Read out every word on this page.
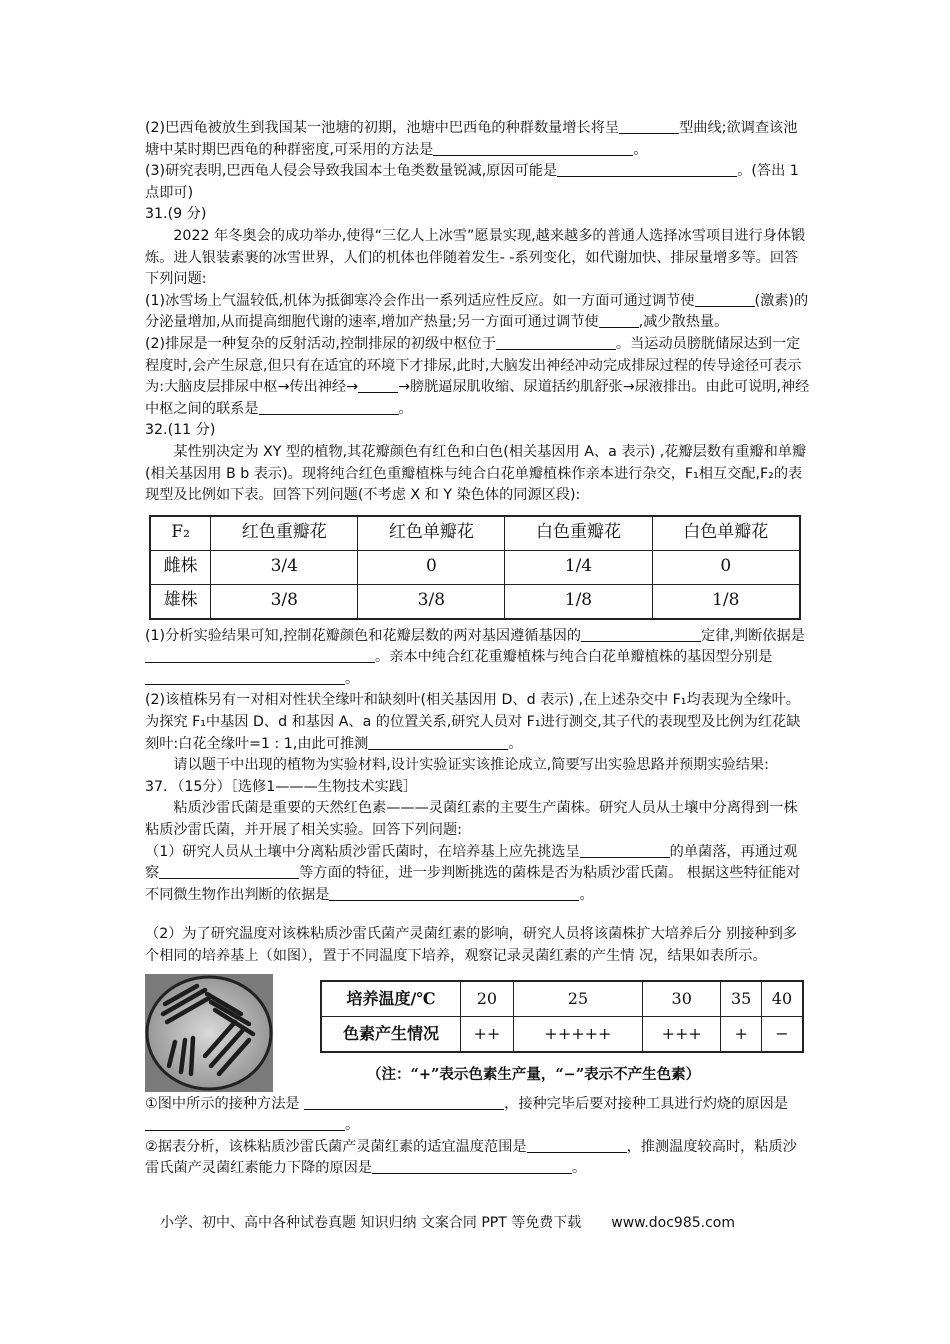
(2)巴西龟被放生到我国某一池塘的初期，池塘中巴西龟的种群数量增长将呈	型曲线;欲调查该池塘中某时期巴西龟的种群密度,可采用的方法是	。

(3)研究表明,巴西龟人侵会导致我国本土龟类数量锐减,原因可能是	。(答出 1 点即可)

31.(9 分)

2022 年冬奥会的成功举办,使得“三亿人上冰雪”愿景实现,越来越多的普通人选择冰雪项目进行身体锻炼。进人银装素裹的冰雪世界，人们的机体也伴随着发生- -系列变化，如代谢加快、排尿量增多等。回答下列问题:

(1)冰雪场上气温较低,机体为抵御寒冷会作出一系列适应性反应。如一方面可通过调节使	(激素)的分泌量增加,从而提高细胞代谢的速率,增加产热量;另一方面可通过调节使	,减少散热量。

(2)排尿是一种复杂的反射活动,控制排尿的初级中枢位于	。当运动员膀胱储尿达到一定程度时,会产生尿意,但只有在适宜的环境下才排尿,此时,大脑发出神经冲动完成排尿过程的传导途径可表示为:大脑皮层排尿中枢→传出神经→	→膀胱逼尿肌收缩、尿道括约肌舒张→尿液排出。由此可说明,神经中枢之间的联系是	。

32.(11 分)

某性别决定为 XY 型的植物,其花瓣颜色有红色和白色(相关基因用 A、a 表示) ,花瓣层数有重瓣和单瓣(相关基因用 B b 表示)。现将纯合红色重瓣植株与纯合白花单瓣植株作亲本进行杂交，F₁相互交配,F₂的表现型及比例如下表。回答下列问题(不考虑 X 和 Y 染色体的同源区段):

F₂	红色重瓣花	红色单瓣花	白色重瓣花	白色单瓣花
雌株	3/4	0	1/4	0
雄株	3/8	3/8	1/8	1/8

(1)分析实验结果可知,控制花瓣颜色和花瓣层数的两对基因遵循基因的	定律,判断依据是。亲本中纯合红花重瓣植株与纯合白花单瓣植株的基因型分别是。

(2)该植株另有一对相对性状全缘叶和缺刻叶(相关基因用 D、d 表示) ,在上述杂交中 F₁均表现为全缘叶。为探究 F₁中基因 D、d 和基因 A、a 的位置关系,研究人员对 F₁进行测交,其子代的表现型及比例为红花缺刻叶:白花全缘叶=1 : 1,由此可推测	。

请以题干中出现的植物为实验材料,设计实验证实该推论成立,简要写出实验思路并预期实验结果:

37．（15分）［选修1———生物技术实践］

粘质沙雷氏菌是重要的天然红色素———灵菌红素的主要生产菌株。研究人员从土壤中分离得到一株粘质沙雷氏菌，并开展了相关实验。回答下列问题:

（1）研究人员从土壤中分离粘质沙雷氏菌时，在培养基上应先挑选呈	的单菌落，再通过观察	等方面的特征，进一步判断挑选的菌株是否为粘质沙雷氏菌。 根据这些特征能对不同微生物作出判断的依据是	。

（2）为了研究温度对该株粘质沙雷氏菌产灵菌红素的影响，研究人员将该菌株扩大培养后分 别接种到多个相同的培养基上（如图），置于不同温度下培养，观察记录灵菌红素的产生情 况，结果如表所示。

培养温度/℃	20	25	30	35	40
色素产生情况	++	+++++	+++	+	−
（注：“+”表示色素生产量，“−”表示不产生色素）

①图中所示的接种方法是	，接种完毕后要对接种工具进行灼烧的原因是。

②据表分析，该株粘质沙雷氏菌产灵菌红素的适宜温度范围是	，推测温度较高时，粘质沙雷氏菌产灵菌红素能力下降的原因是	。

小学、初中、高中各种试卷真题 知识归纳 文案合同 PPT 等免费下载 www.doc985.com
